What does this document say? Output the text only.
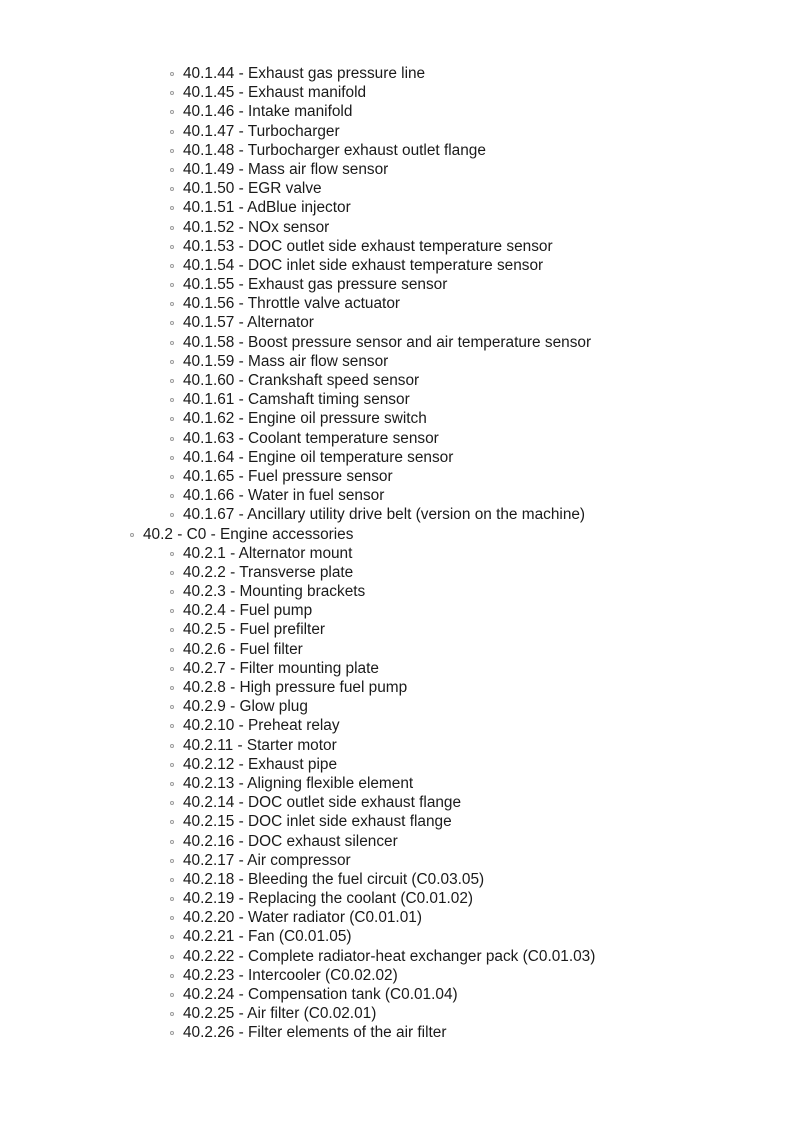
40.1.44 - Exhaust gas pressure line
40.1.45 - Exhaust manifold
40.1.46 - Intake manifold
40.1.47 - Turbocharger
40.1.48 - Turbocharger exhaust outlet flange
40.1.49 - Mass air flow sensor
40.1.50 - EGR valve
40.1.51 - AdBlue injector
40.1.52 - NOx sensor
40.1.53 - DOC outlet side exhaust temperature sensor
40.1.54 - DOC inlet side exhaust temperature sensor
40.1.55 - Exhaust gas pressure sensor
40.1.56 - Throttle valve actuator
40.1.57 - Alternator
40.1.58 - Boost pressure sensor and air temperature sensor
40.1.59 - Mass air flow sensor
40.1.60 - Crankshaft speed sensor
40.1.61 - Camshaft timing sensor
40.1.62 - Engine oil pressure switch
40.1.63 - Coolant temperature sensor
40.1.64 - Engine oil temperature sensor
40.1.65 - Fuel pressure sensor
40.1.66 - Water in fuel sensor
40.1.67 - Ancillary utility drive belt (version on the machine)
40.2 - C0 - Engine accessories
40.2.1 - Alternator mount
40.2.2 - Transverse plate
40.2.3 - Mounting brackets
40.2.4 - Fuel pump
40.2.5 - Fuel prefilter
40.2.6 - Fuel filter
40.2.7 - Filter mounting plate
40.2.8 - High pressure fuel pump
40.2.9 - Glow plug
40.2.10 - Preheat relay
40.2.11 - Starter motor
40.2.12 - Exhaust pipe
40.2.13 - Aligning flexible element
40.2.14 - DOC outlet side exhaust flange
40.2.15 - DOC inlet side exhaust flange
40.2.16 - DOC exhaust silencer
40.2.17 - Air compressor
40.2.18 - Bleeding the fuel circuit (C0.03.05)
40.2.19 - Replacing the coolant (C0.01.02)
40.2.20 - Water radiator (C0.01.01)
40.2.21 - Fan (C0.01.05)
40.2.22 - Complete radiator-heat exchanger pack (C0.01.03)
40.2.23 - Intercooler (C0.02.02)
40.2.24 - Compensation tank (C0.01.04)
40.2.25 - Air filter (C0.02.01)
40.2.26 - Filter elements of the air filter
